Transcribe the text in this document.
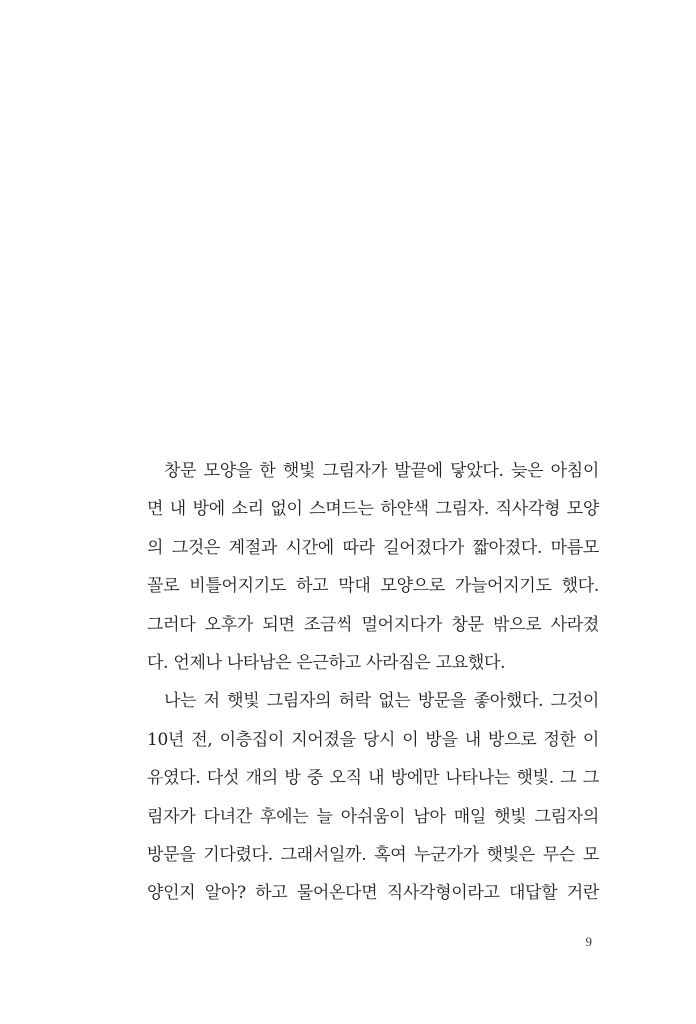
창문 모양을 한 햇빛 그림자가 발끝에 닿았다. 늦은 아침이
면 내 방에 소리 없이 스며드는 하얀색 그림자. 직사각형 모양
의 그것은 계절과 시간에 따라 길어졌다가 짧아졌다. 마름모
꼴로 비틀어지기도 하고 막대 모양으로 가늘어지기도 했다.
그러다 오후가 되면 조금씩 멀어지다가 창문 밖으로 사라졌
다. 언제나 나타남은 은근하고 사라짐은 고요했다.
나는 저 햇빛 그림자의 허락 없는 방문을 좋아했다. 그것이
10년 전, 이층집이 지어졌을 당시 이 방을 내 방으로 정한 이
유였다. 다섯 개의 방 중 오직 내 방에만 나타나는 햇빛. 그 그
림자가 다녀간 후에는 늘 아쉬움이 남아 매일 햇빛 그림자의
방문을 기다렸다. 그래서일까. 혹여 누군가가 햇빛은 무슨 모
양인지 알아? 하고 물어온다면 직사각형이라고 대답할 거란
9
